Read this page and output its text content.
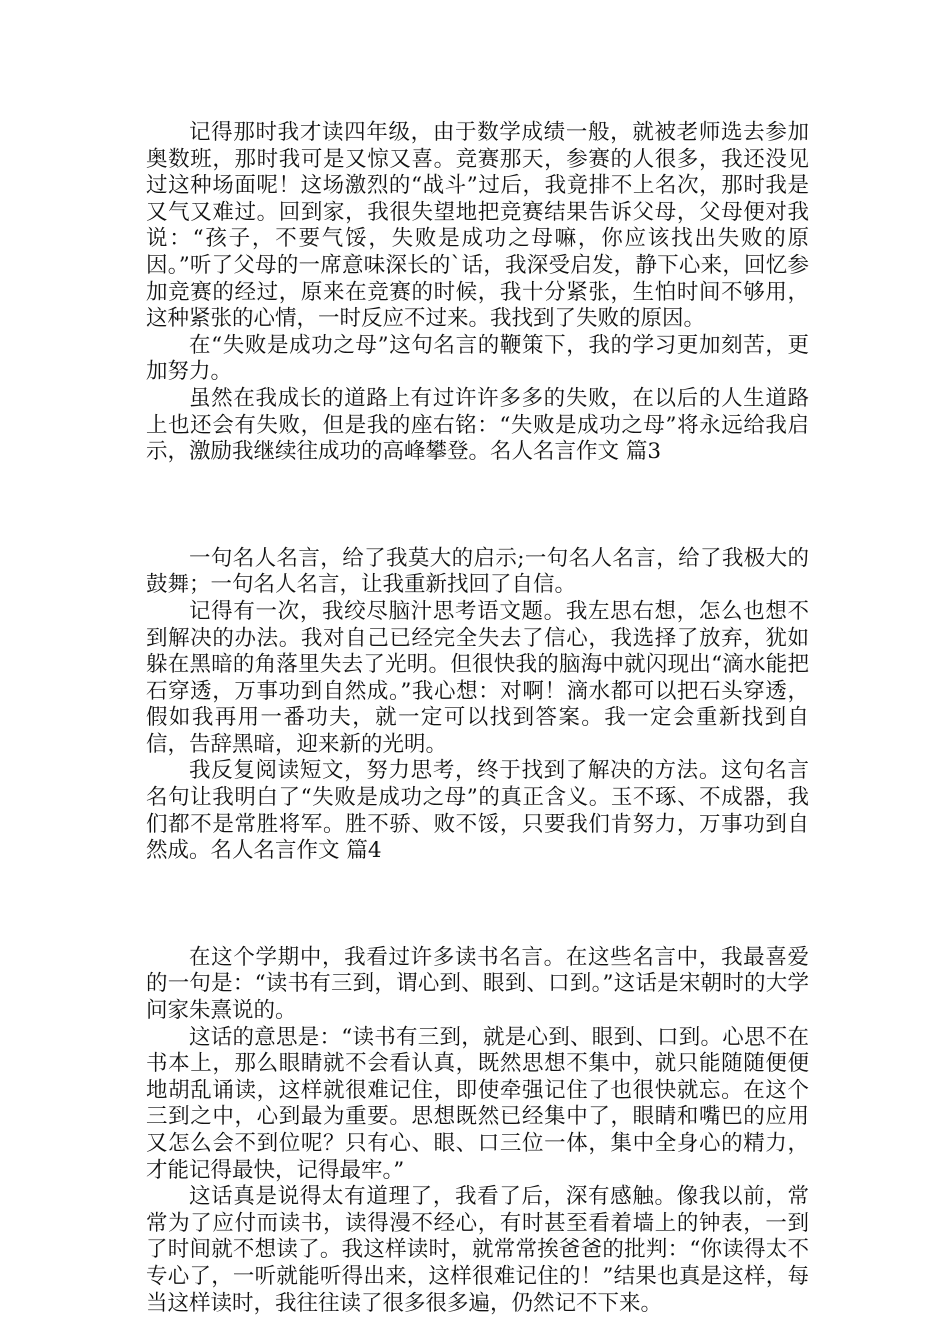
记得那时我才读四年级，由于数学成绩一般，就被老师选去参加奥数班，那时我可是又惊又喜。竞赛那天，参赛的人很多，我还没见过这种场面呢！这场激烈的“战斗”过后，我竟排不上名次，那时我是又气又难过。回到家，我很失望地把竞赛结果告诉父母，父母便对我说：“孩子，不要气馁，失败是成功之母嘛，你应该找出失败的原因。”听了父母的一席意味深长的`话，我深受启发，静下心来，回忆参加竞赛的经过，原来在竞赛的时候，我十分紧张，生怕时间不够用，这种紧张的心情，一时反应不过来。我找到了失败的原因。

在“失败是成功之母”这句名言的鞭策下，我的学习更加刻苦，更加努力。

虽然在我成长的道路上有过许许多多的失败，在以后的人生道路上也还会有失败，但是我的座右铭：“失败是成功之母”将永远给我启示，激励我继续往成功的高峰攀登。名人名言作文 篇3

一句名人名言，给了我莫大的启示;一句名人名言，给了我极大的鼓舞；一句名人名言，让我重新找回了自信。

记得有一次，我绞尽脑汁思考语文题。我左思右想，怎么也想不到解决的办法。我对自己已经完全失去了信心，我选择了放弃，犹如躲在黑暗的角落里失去了光明。但很快我的脑海中就闪现出“滴水能把石穿透，万事功到自然成。”我心想：对啊！滴水都可以把石头穿透，假如我再用一番功夫，就一定可以找到答案。我一定会重新找到自信，告辞黑暗，迎来新的光明。

我反复阅读短文，努力思考，终于找到了解决的方法。这句名言名句让我明白了“失败是成功之母”的真正含义。玉不琢、不成器，我们都不是常胜将军。胜不骄、败不馁，只要我们肯努力，万事功到自然成。名人名言作文 篇4

在这个学期中，我看过许多读书名言。在这些名言中，我最喜爱的一句是：“读书有三到，谓心到、眼到、口到。”这话是宋朝时的大学问家朱熹说的。

这话的意思是：“读书有三到，就是心到、眼到、口到。心思不在书本上，那么眼睛就不会看认真，既然思想不集中，就只能随随便便地胡乱诵读，这样就很难记住，即使牵强记住了也很快就忘。在这个三到之中，心到最为重要。思想既然已经集中了，眼睛和嘴巴的应用又怎么会不到位呢？只有心、眼、口三位一体，集中全身心的精力，才能记得最快，记得最牢。”

这话真是说得太有道理了，我看了后，深有感触。像我以前，常常为了应付而读书，读得漫不经心，有时甚至看着墙上的钟表，一到了时间就不想读了。我这样读时，就常常挨爸爸的批判：“你读得太不专心了，一听就能听得出来，这样很难记住的！”结果也真是这样，每当这样读时，我往往读了很多很多遍，仍然记不下来。
